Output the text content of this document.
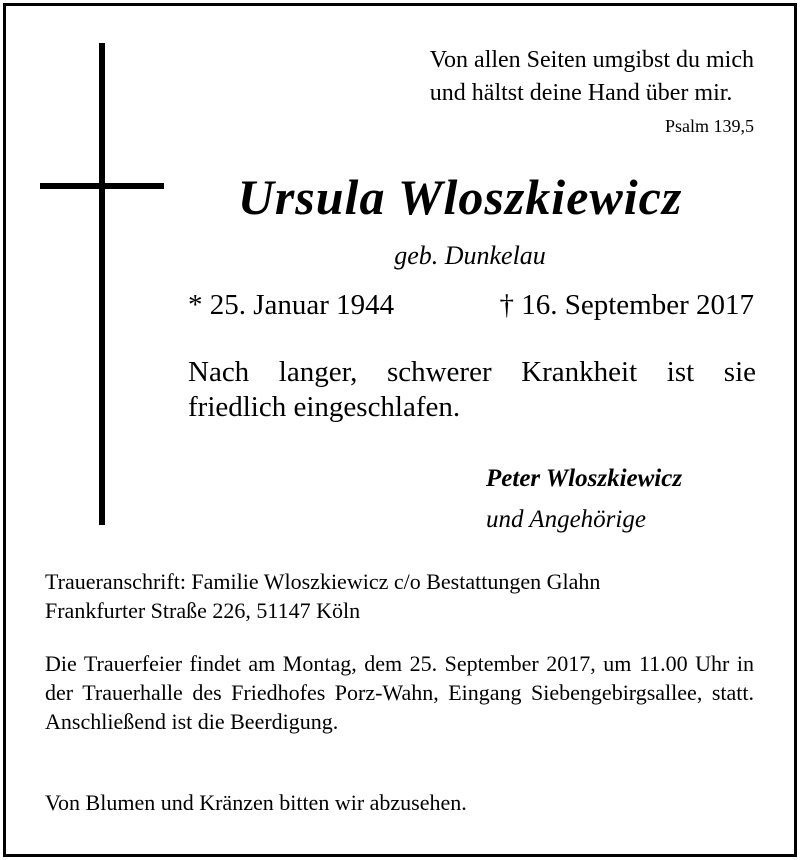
Von allen Seiten umgibst du mich
und hältst deine Hand über mir.
Psalm 139,5
Ursula Wloszkiewicz
geb. Dunkelau
* 25. Januar 1944	† 16. September 2017
Nach langer, schwerer Krankheit ist sie
friedlich eingeschlafen.
Peter Wloszkiewicz
und Angehörige
Traueranschrift: Familie Wloszkiewicz c/o Bestattungen Glahn
Frankfurter Straße 226, 51147 Köln
Die Trauerfeier findet am Montag, dem 25. September 2017, um 11.00 Uhr in der Trauerhalle des Friedhofes Porz-Wahn, Eingang Siebengebirgsallee, statt. Anschließend ist die Beerdigung.
Von Blumen und Kränzen bitten wir abzusehen.
